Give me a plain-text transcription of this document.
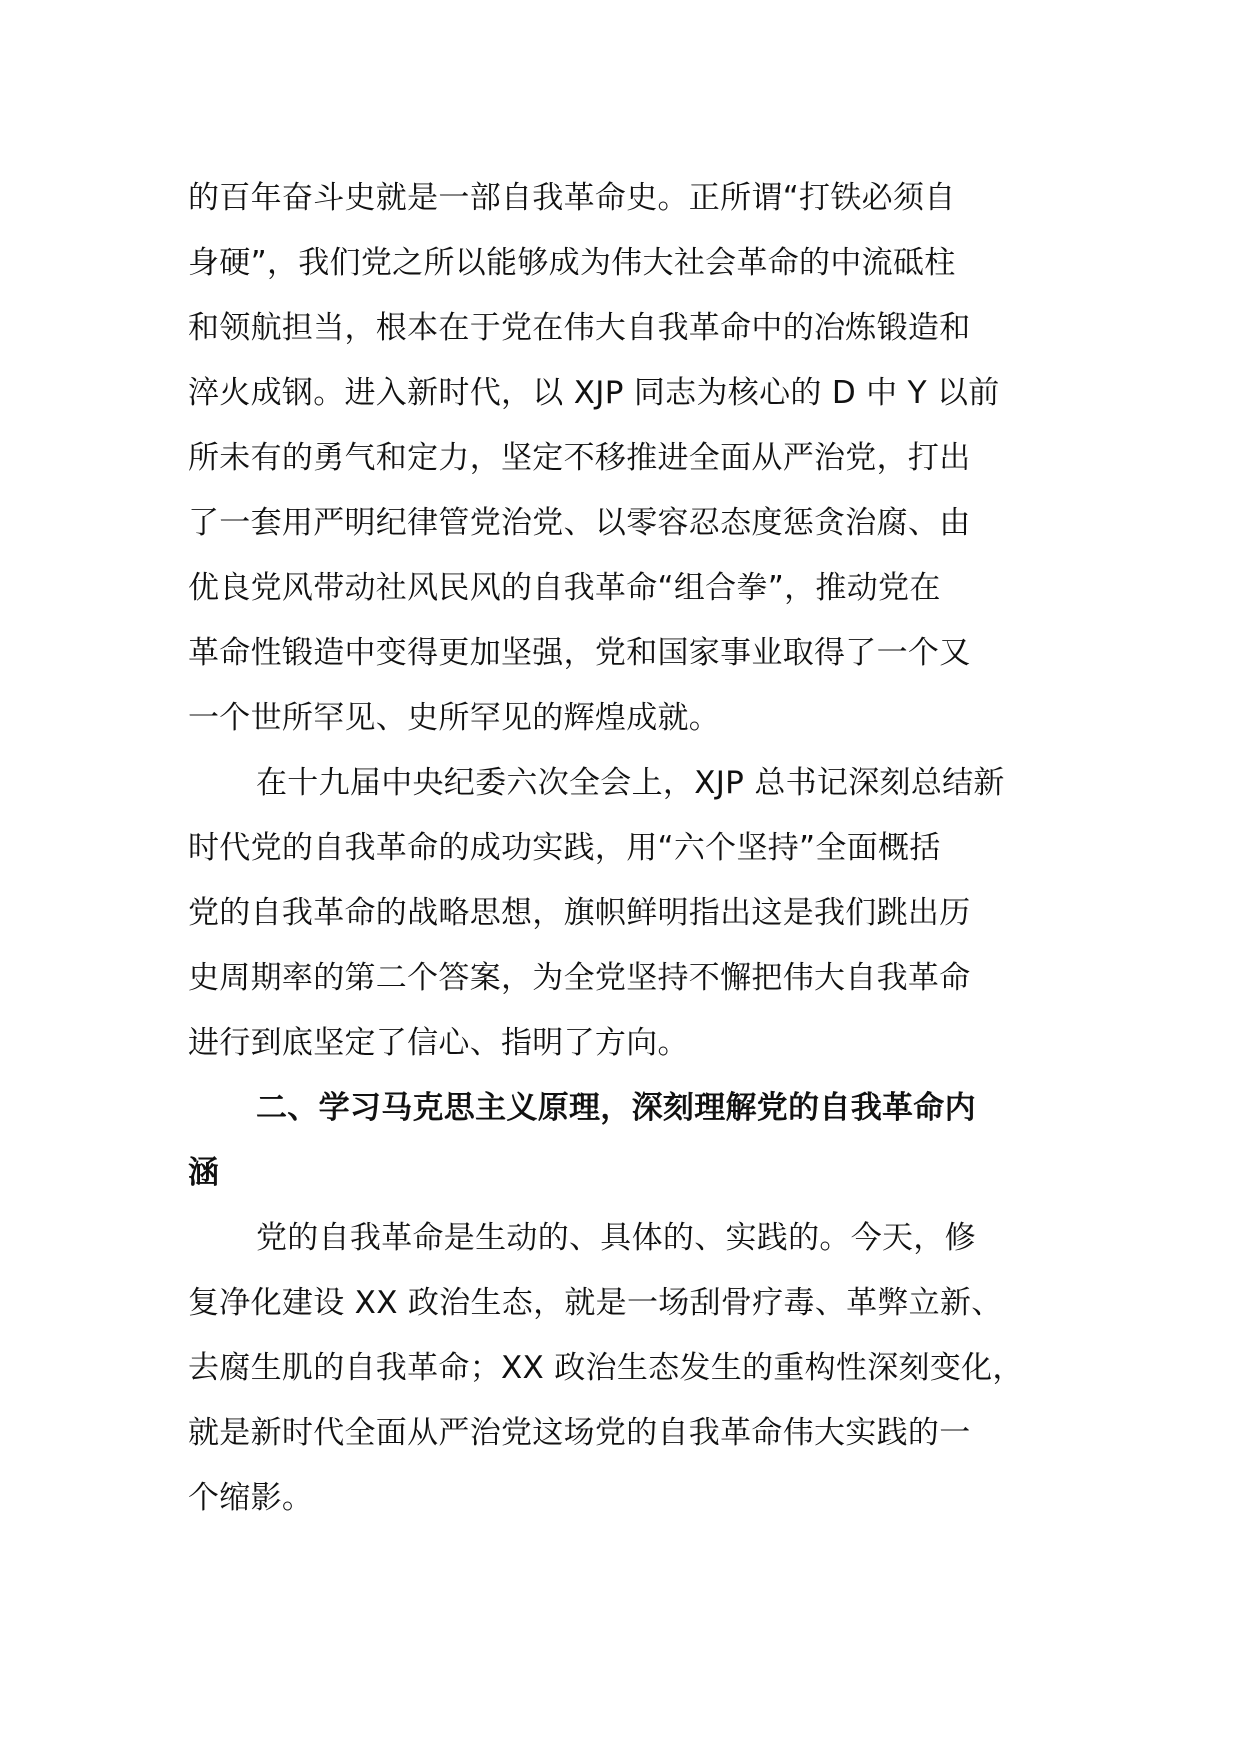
的百年奋斗史就是一部自我革命史。正所谓“打铁必须自
身硬”，我们党之所以能够成为伟大社会革命的中流砥柱
和领航担当，根本在于党在伟大自我革命中的冶炼锻造和
淬火成钢。进入新时代，以 XJP 同志为核心的 D 中 Y 以前
所未有的勇气和定力，坚定不移推进全面从严治党，打出
了一套用严明纪律管党治党、以零容忍态度惩贪治腐、由
优良党风带动社风民风的自我革命“组合拳”，推动党在
革命性锻造中变得更加坚强，党和国家事业取得了一个又
一个世所罕见、史所罕见的辉煌成就。
在十九届中央纪委六次全会上，XJP 总书记深刻总结新
时代党的自我革命的成功实践，用“六个坚持”全面概括
党的自我革命的战略思想，旗帜鲜明指出这是我们跳出历
史周期率的第二个答案，为全党坚持不懈把伟大自我革命
进行到底坚定了信心、指明了方向。
二、学习马克思主义原理，深刻理解党的自我革命内
涵
党的自我革命是生动的、具体的、实践的。今天，修
复净化建设 XX 政治生态，就是一场刮骨疗毒、革弊立新、
去腐生肌的自我革命；XX 政治生态发生的重构性深刻变化，
就是新时代全面从严治党这场党的自我革命伟大实践的一
个缩影。
